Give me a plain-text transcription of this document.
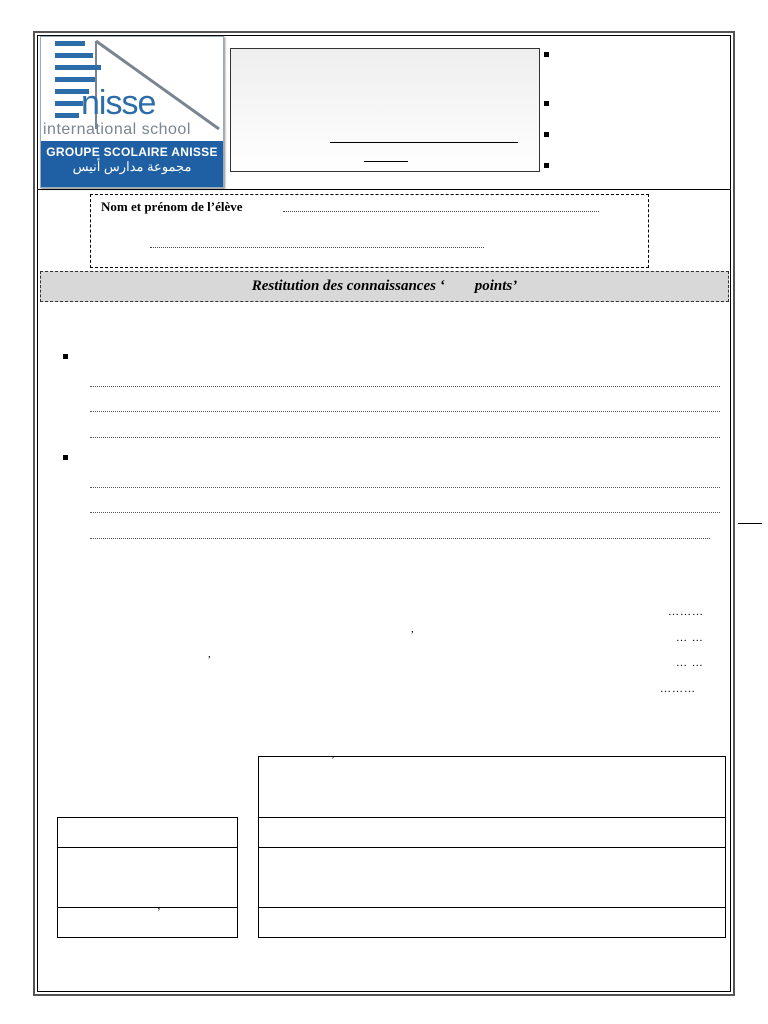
nisse
international school
GROUPE SCOLAIRE ANISSE
مجموعة مدارس أنيس
Nom et prénom de l’élève
Restitution des connaissances ‘        points’
………
… …
… …
………
,
,
’
’
